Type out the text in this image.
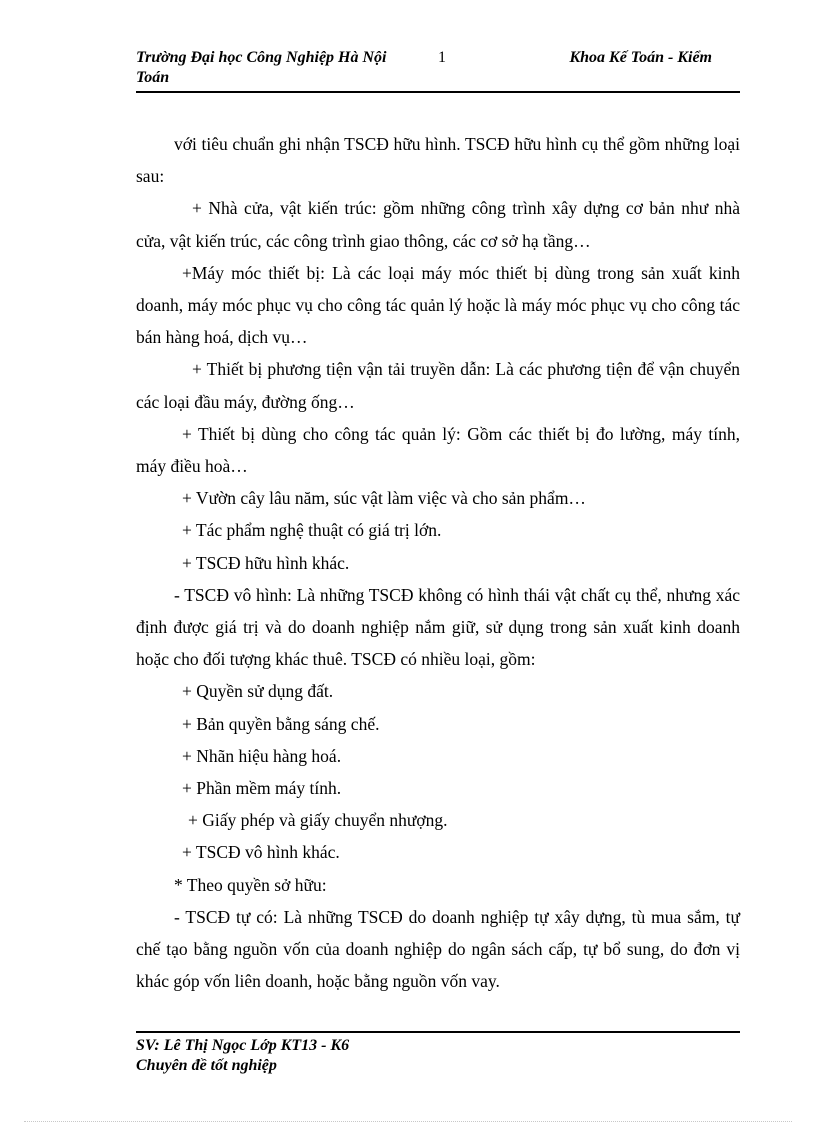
Trường Đại học Công Nghiệp Hà Nội	1	Khoa Kế Toán - Kiểm
Toán

với tiêu chuẩn ghi nhận TSCĐ hữu hình. TSCĐ hữu hình cụ thể gồm những loại sau:

+ Nhà cửa, vật kiến trúc: gồm những công trình xây dựng cơ bản như nhà cửa, vật kiến trúc, các công trình giao thông, các cơ sở hạ tầng…

+Máy móc thiết bị: Là các loại máy móc thiết bị dùng trong sản xuất kinh doanh, máy móc phục vụ cho công tác quản lý hoặc là máy móc phục vụ cho công tác bán hàng hoá, dịch vụ…

+ Thiết bị phương tiện vận tải truyền dẫn: Là các phương tiện để vận chuyển các loại đầu máy, đường ống…

+ Thiết bị dùng cho công tác quản lý: Gồm các thiết bị đo lường, máy tính, máy điều hoà…

+ Vườn cây lâu năm, súc vật làm việc và cho sản phẩm…

+ Tác phẩm nghệ thuật có giá trị lớn.

+ TSCĐ hữu hình khác.

- TSCĐ vô hình: Là những TSCĐ không có hình thái vật chất cụ thể, nhưng xác định được giá trị và do doanh nghiệp nắm giữ, sử dụng trong sản xuất kinh doanh hoặc cho đối tượng khác thuê. TSCĐ có nhiều loại, gồm:

+ Quyền sử dụng đất.

+ Bản quyền bằng sáng chế.

+ Nhãn hiệu hàng hoá.

+ Phần mềm máy tính.

+ Giấy phép và giấy chuyển nhượng.

+ TSCĐ vô hình khác.

* Theo quyền sở hữu:

- TSCĐ tự có: Là những TSCĐ do doanh nghiệp tự xây dựng, tù mua sắm, tự chế tạo bằng nguồn vốn của doanh nghiệp do ngân sách cấp, tự bổ sung, do đơn vị khác góp vốn liên doanh, hoặc bằng nguồn vốn vay.

SV: Lê Thị Ngọc Lớp KT13 - K6
Chuyên đề tốt nghiệp
